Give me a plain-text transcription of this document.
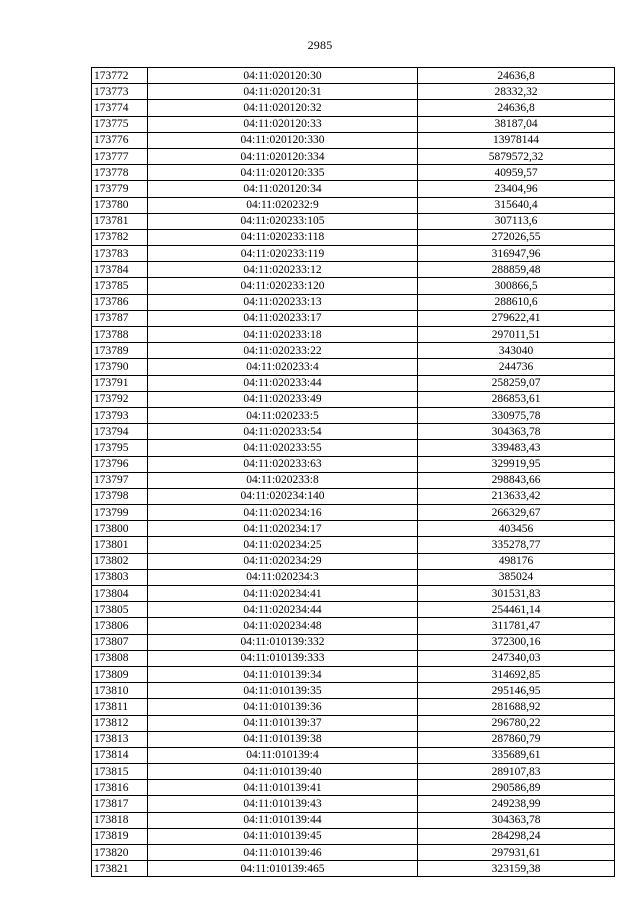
2985
173772	04:11:020120:30	24636,8
173773	04:11:020120:31	28332,32
173774	04:11:020120:32	24636,8
173775	04:11:020120:33	38187,04
173776	04:11:020120:330	13978144
173777	04:11:020120:334	5879572,32
173778	04:11:020120:335	40959,57
173779	04:11:020120:34	23404,96
173780	04:11:020232:9	315640,4
173781	04:11:020233:105	307113,6
173782	04:11:020233:118	272026,55
173783	04:11:020233:119	316947,96
173784	04:11:020233:12	288859,48
173785	04:11:020233:120	300866,5
173786	04:11:020233:13	288610,6
173787	04:11:020233:17	279622,41
173788	04:11:020233:18	297011,51
173789	04:11:020233:22	343040
173790	04:11:020233:4	244736
173791	04:11:020233:44	258259,07
173792	04:11:020233:49	286853,61
173793	04:11:020233:5	330975,78
173794	04:11:020233:54	304363,78
173795	04:11:020233:55	339483,43
173796	04:11:020233:63	329919,95
173797	04:11:020233:8	298843,66
173798	04:11:020234:140	213633,42
173799	04:11:020234:16	266329,67
173800	04:11:020234:17	403456
173801	04:11:020234:25	335278,77
173802	04:11:020234:29	498176
173803	04:11:020234:3	385024
173804	04:11:020234:41	301531,83
173805	04:11:020234:44	254461,14
173806	04:11:020234:48	311781,47
173807	04:11:010139:332	372300,16
173808	04:11:010139:333	247340,03
173809	04:11:010139:34	314692,85
173810	04:11:010139:35	295146,95
173811	04:11:010139:36	281688,92
173812	04:11:010139:37	296780,22
173813	04:11:010139:38	287860,79
173814	04:11:010139:4	335689,61
173815	04:11:010139:40	289107,83
173816	04:11:010139:41	290586,89
173817	04:11:010139:43	249238,99
173818	04:11:010139:44	304363,78
173819	04:11:010139:45	284298,24
173820	04:11:010139:46	297931,61
173821	04:11:010139:465	323159,38
